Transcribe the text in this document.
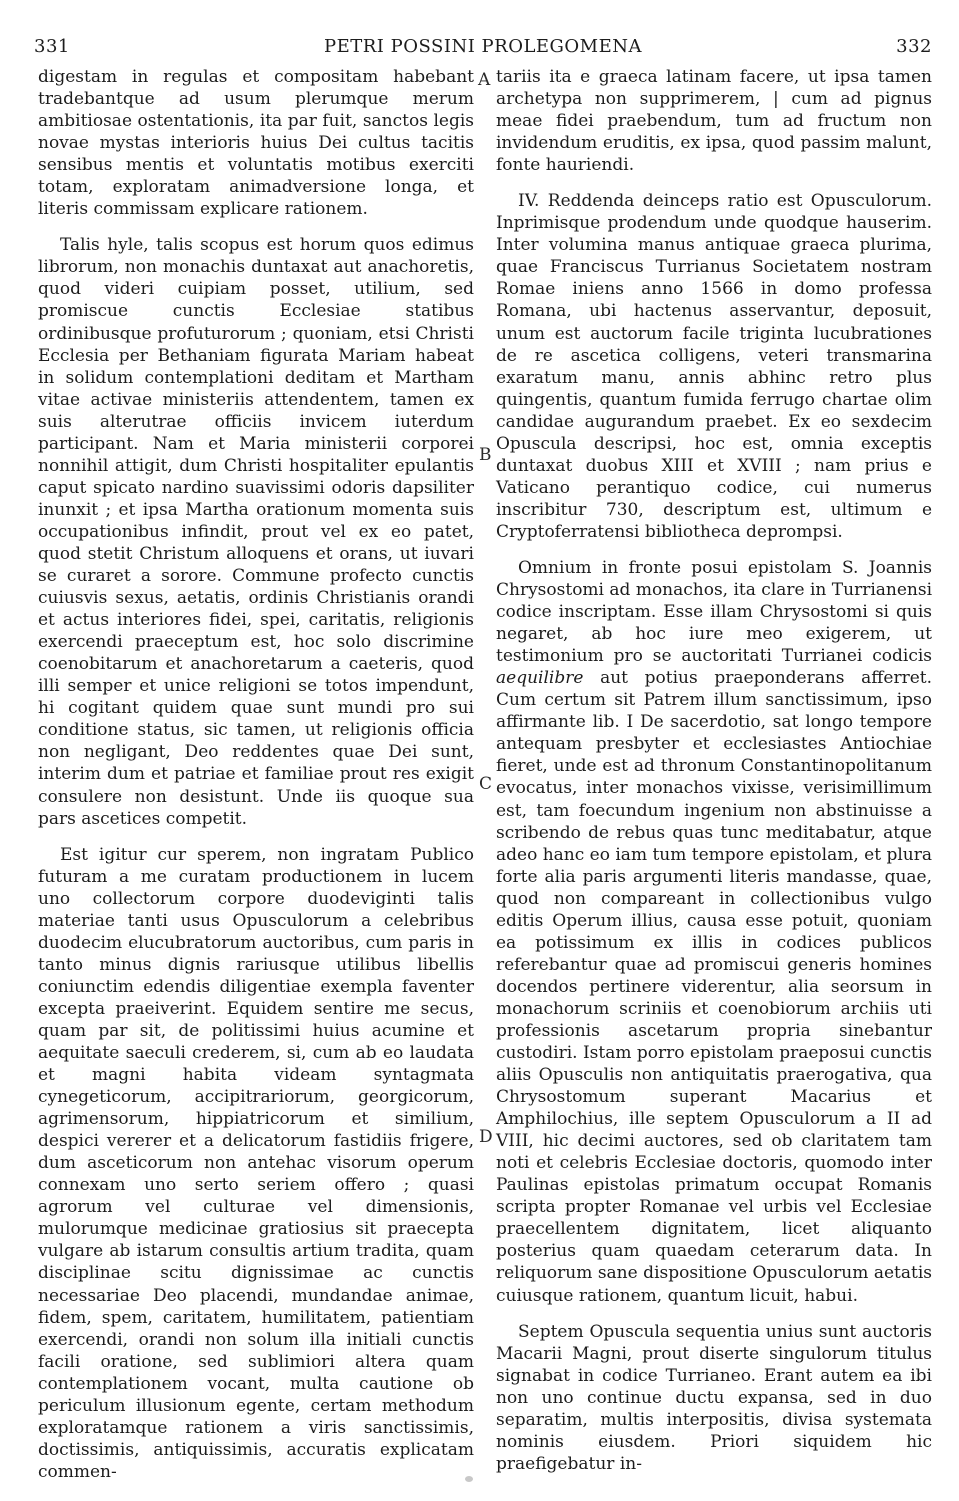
331	PETRI POSSINI PROLEGOMENA	332

digestam in regulas et compositam habebant tradebantque ad usum plerumque merum ambitiosae ostentationis, ita par fuit, sanctos legis novae mystas interioris huius Dei cultus tacitis sensibus mentis et voluntatis motibus exerciti totam, exploratam animadversione longa, et literis commissam explicare rationem.

Talis hyle, talis scopus est horum quos edimus librorum, non monachis duntaxat aut anachoretis, quod videri cuipiam posset, utilium, sed promiscue cunctis Ecclesiae statibus ordinibusque profuturorum ; quoniam, etsi Christi Ecclesia per Bethaniam figurata Mariam habeat in solidum contemplationi deditam et Martham vitae activae ministeriis attendentem, tamen ex suis alterutrae officiis invicem iuterdum participant. Nam et Maria ministerii corporei nonnihil attigit, dum Christi hospitaliter epulantis caput spicato nardino suavissimi odoris dapsiliter inunxit ; et ipsa Martha orationum momenta suis occupationibus infindit, prout vel ex eo patet, quod stetit Christum alloquens et orans, ut iuvari se curaret a sorore. Commune profecto cunctis cuiusvis sexus, aetatis, ordinis Christianis orandi et actus interiores fidei, spei, caritatis, religionis exercendi praeceptum est, hoc solo discrimine coenobitarum et anachoretarum a caeteris, quod illi semper et unice religioni se totos impendunt, hi cogitant quidem quae sunt mundi pro sui conditione status, sic tamen, ut religionis officia non negligant, Deo reddentes quae Dei sunt, interim dum et patriae et familiae prout res exigit consulere non desistunt. Unde iis quoque sua pars ascetices competit.

Est igitur cur sperem, non ingratam Publico futuram a me curatam productionem in lucem uno collectorum corpore duodeviginti talis materiae tanti usus Opusculorum a celebribus duodecim elucubratorum auctoribus, cum paris in tanto minus dignis rariusque utilibus libellis coniunctim edendis diligentiae exempla faventer excepta praeiverint. Equidem sentire me secus, quam par sit, de politissimi huius acumine et aequitate saeculi crederem, si, cum ab eo laudata et magni habita videam syntagmata cynegeticorum, accipitrariorum, georgicorum, agrimensorum, hippiatricorum et similium, despici vererer et a delicatorum fastidiis frigere, dum asceticorum non antehac visorum operum connexam uno serto seriem offero ; quasi agrorum vel culturae vel dimensionis, mulorumque medicinae gratiosius sit praecepta vulgare ab istarum consultis artium tradita, quam disciplinae scitu dignissimae ac cunctis necessariae Deo placendi, mundandae animae, fidem, spem, caritatem, humilitatem, patientiam exercendi, orandi non solum illa initiali cunctis facili oratione, sed sublimiori altera quam contemplationem vocant, multa cautione ob periculum illusionum egente, certam methodum exploratamque rationem a viris sanctissimis, doctissimis, antiquissimis, accuratis explicatam commen-

A
B
C
D

tariis ita e graeca latinam facere, ut ipsa tamen archetypa non supprimerem, | cum ad pignus meae fidei praebendum, tum ad fructum non invidendum eruditis, ex ipsa, quod passim malunt, fonte hauriendi.

IV. Reddenda deinceps ratio est Opusculorum. Inprimisque prodendum unde quodque hauserim. Inter volumina manus antiquae graeca plurima, quae Franciscus Turrianus Societatem nostram Romae iniens anno 1566 in domo professa Romana, ubi hactenus asservantur, deposuit, unum est auctorum facile triginta lucubrationes de re ascetica colligens, veteri transmarina exaratum manu, annis abhinc retro plus quingentis, quantum fumida ferrugo chartae olim candidae augurandum praebet. Ex eo sexdecim Opuscula descripsi, hoc est, omnia exceptis duntaxat duobus XIII et XVIII ; nam prius e Vaticano perantiquo codice, cui numerus inscribitur 730, descriptum est, ultimum e Cryptoferratensi bibliotheca deprompsi.

Omnium in fronte posui epistolam S. Joannis Chrysostomi ad monachos, ita clare in Turrianensi codice inscriptam. Esse illam Chrysostomi si quis negaret, ab hoc iure meo exigerem, ut testimonium pro se auctoritati Turrianei codicis aequilibre aut potius praeponderans afferret. Cum certum sit Patrem illum sanctissimum, ipso affirmante lib. I De sacerdotio, sat longo tempore antequam presbyter et ecclesiastes Antiochiae fieret, unde est ad thronum Constantinopolitanum evocatus, inter monachos vixisse, verisimillimum est, tam foecundum ingenium non abstinuisse a scribendo de rebus quas tunc meditabatur, atque adeo hanc eo iam tum tempore epistolam, et plura forte alia paris argumenti literis mandasse, quae, quod non compareant in collectionibus vulgo editis Operum illius, causa esse potuit, quoniam ea potissimum ex illis in codices publicos referebantur quae ad promiscui generis homines docendos pertinere viderentur, alia seorsum in monachorum scriniis et coenobiorum archiis uti professionis ascetarum propria sinebantur custodiri. Istam porro epistolam praeposui cunctis aliis Opusculis non antiquitatis praerogativa, qua Chrysostomum superant Macarius et Amphilochius, ille septem Opusculorum a II ad VIII, hic decimi auctores, sed ob claritatem tam noti et celebris Ecclesiae doctoris, quomodo inter Paulinas epistolas primatum occupat Romanis scripta propter Romanae vel urbis vel Ecclesiae praecellentem dignitatem, licet aliquanto posterius quam quaedam ceterarum data. In reliquorum sane dispositione Opusculorum aetatis cuiusque rationem, quantum licuit, habui.

Septem Opuscula sequentia unius sunt auctoris Macarii Magni, prout diserte singulorum titulus signabat in codice Turrianeo. Erant autem ea ibi non uno continue ductu expansa, sed in duo separatim, multis interpositis, divisa systemata nominis eiusdem. Priori siquidem hic praefigebatur in-
